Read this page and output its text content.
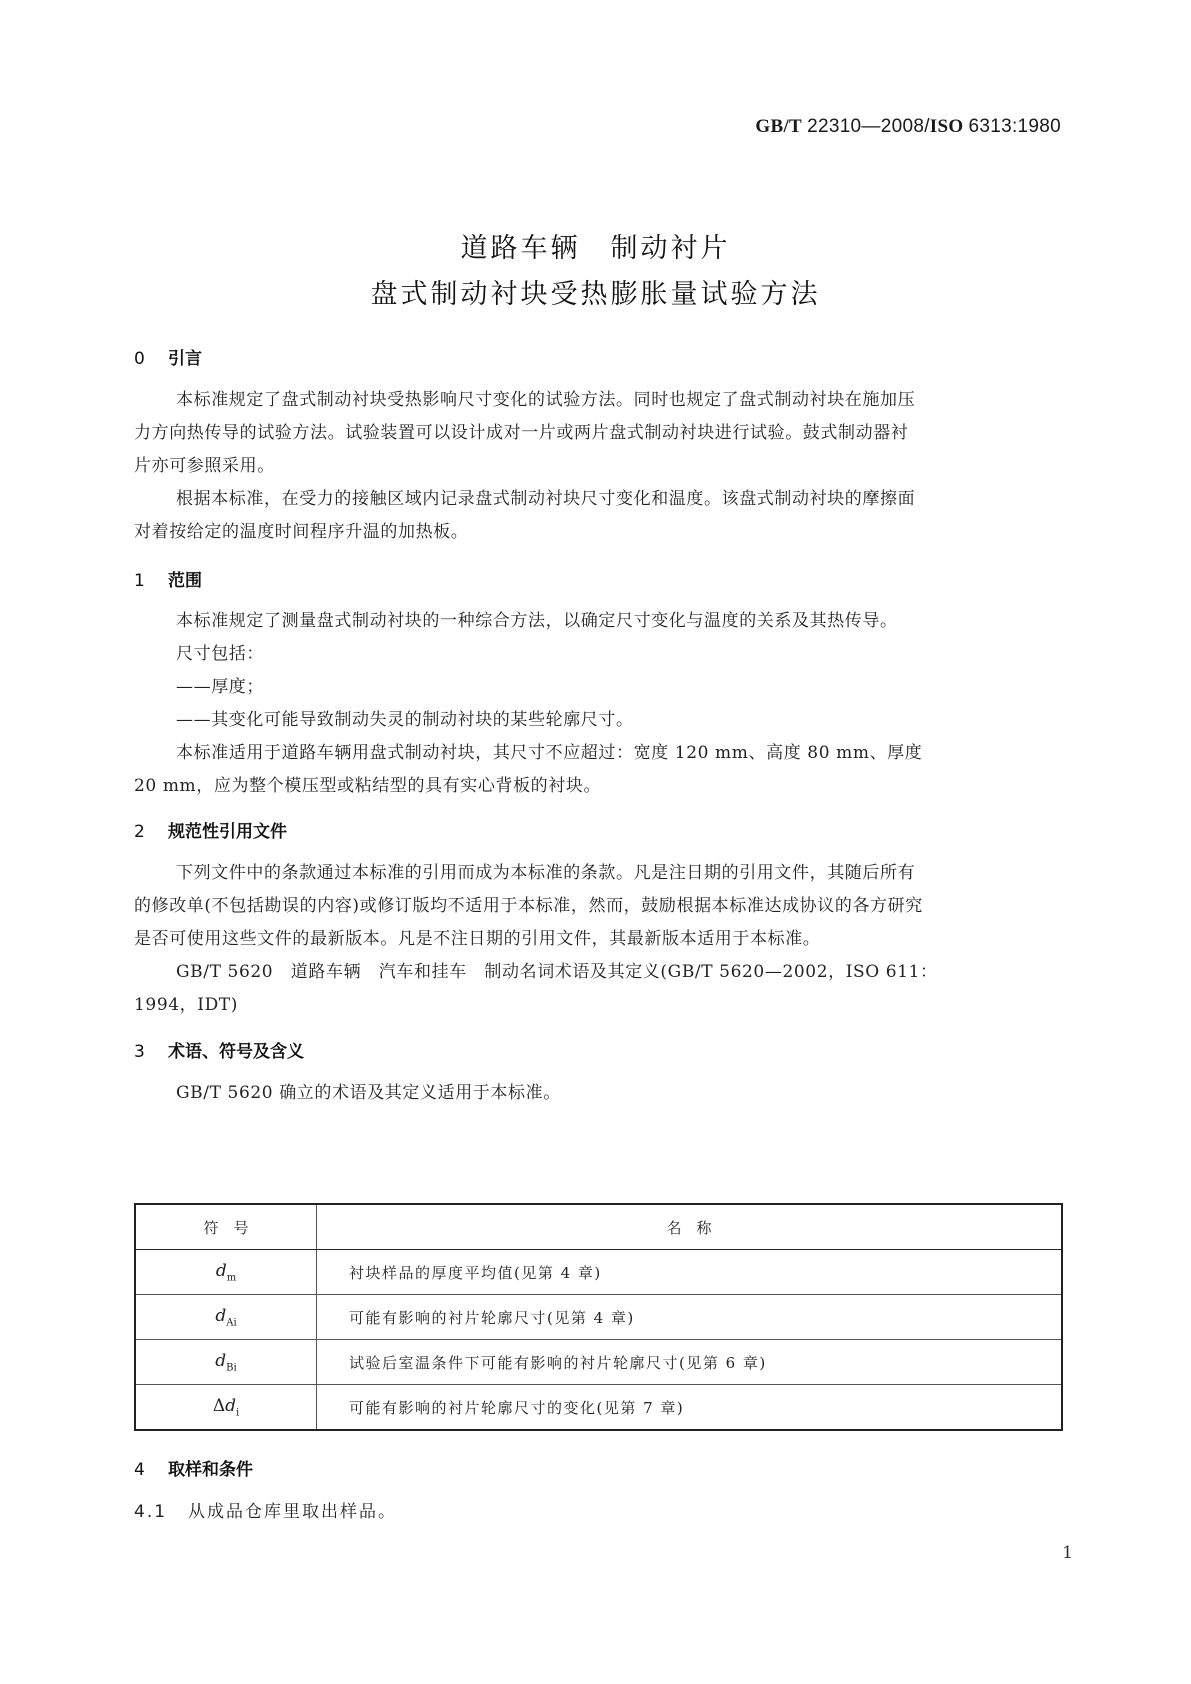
GB/T 22310—2008/ISO 6313:1980
道路车辆　制动衬片
盘式制动衬块受热膨胀量试验方法
0 引言
本标准规定了盘式制动衬块受热影响尺寸变化的试验方法。同时也规定了盘式制动衬块在施加压
力方向热传导的试验方法。试验装置可以设计成对一片或两片盘式制动衬块进行试验。鼓式制动器衬
片亦可参照采用。
根据本标准，在受力的接触区域内记录盘式制动衬块尺寸变化和温度。该盘式制动衬块的摩擦面
对着按给定的温度时间程序升温的加热板。
1 范围
本标准规定了测量盘式制动衬块的一种综合方法，以确定尺寸变化与温度的关系及其热传导。
尺寸包括：
——厚度；
——其变化可能导致制动失灵的制动衬块的某些轮廓尺寸。
本标准适用于道路车辆用盘式制动衬块，其尺寸不应超过：宽度 120 mm、高度 80 mm、厚度
20 mm，应为整个模压型或粘结型的具有实心背板的衬块。
2 规范性引用文件
下列文件中的条款通过本标准的引用而成为本标准的条款。凡是注日期的引用文件，其随后所有
的修改单(不包括勘误的内容)或修订版均不适用于本标准，然而，鼓励根据本标准达成协议的各方研究
是否可使用这些文件的最新版本。凡是不注日期的引用文件，其最新版本适用于本标准。
GB/T 5620　道路车辆　汽车和挂车　制动名词术语及其定义(GB/T 5620—2002，ISO 611：
1994，IDT)
3 术语、符号及含义
GB/T 5620 确立的术语及其定义适用于本标准。
符　号	名　称
$d_m$	衬块样品的厚度平均值(见第 4 章)
$d_{Ai}$	可能有影响的衬片轮廓尺寸(见第 4 章)
$d_{Bi}$	试验后室温条件下可能有影响的衬片轮廓尺寸(见第 6 章)
$\Delta d_i$	可能有影响的衬片轮廓尺寸的变化(见第 7 章)
4 取样和条件
4.1 从成品仓库里取出样品。
1
